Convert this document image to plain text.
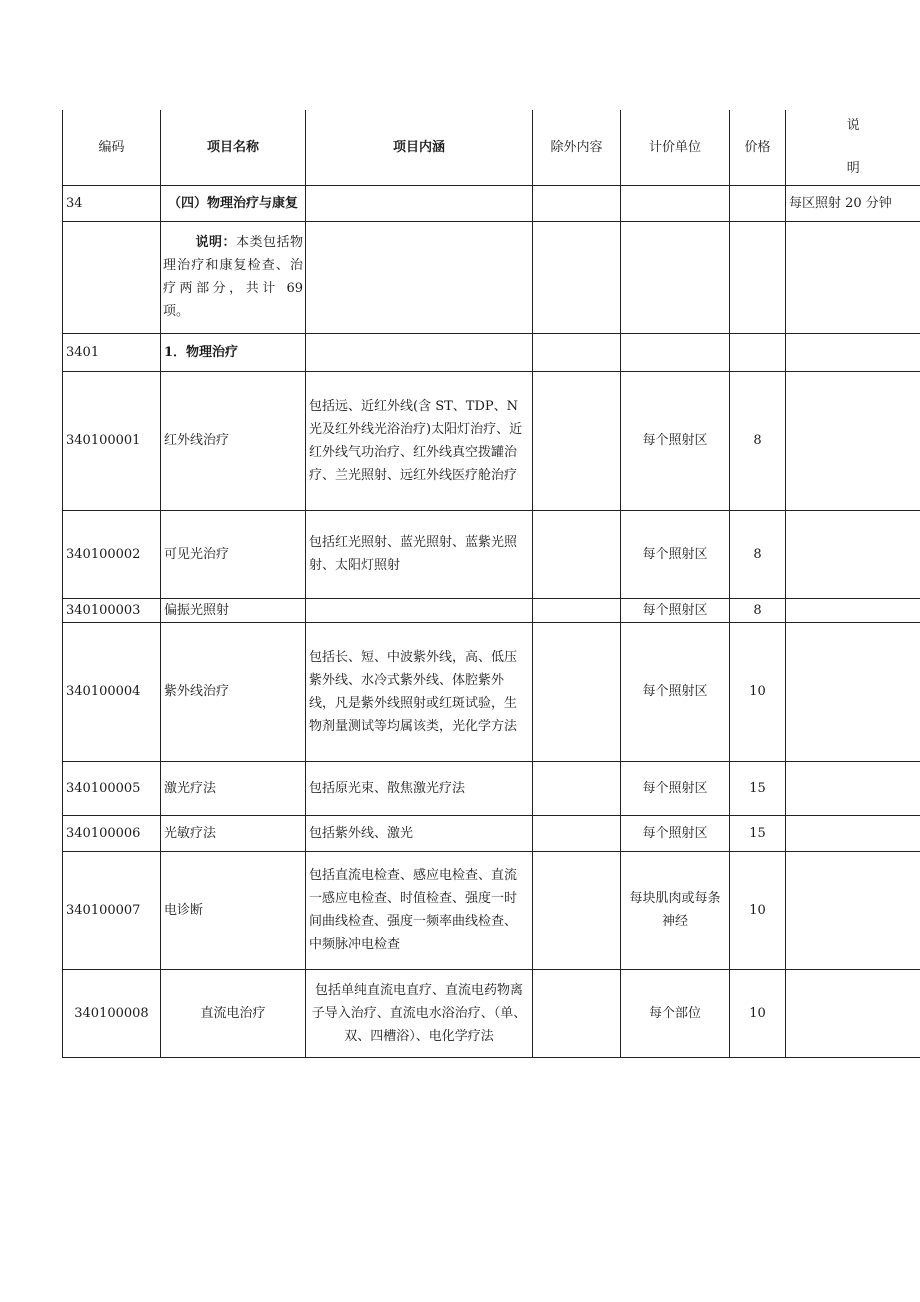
编码	项目名称	项目内涵	除外内容	计价单位	价格	说
明

34	（四）物理治疗与康复					每区照射 20 分钟
	说明：本类包括物理治疗和康复检查、治疗两部分，共计 69 项。					
3401	1．物理治疗					
340100001	红外线治疗	包括远、近红外线(含 ST、TDP、N 光及红外线光浴治疗)太阳灯治疗、近红外线气功治疗、红外线真空拨罐治疗、兰光照射、远红外线医疗舱治疗		每个照射区	8	
340100002	可见光治疗	包括红光照射、蓝光照射、蓝紫光照射、太阳灯照射		每个照射区	8	
340100003	偏振光照射			每个照射区	8	
340100004	紫外线治疗	包括长、短、中波紫外线，高、低压紫外线、水冷式紫外线、体腔紫外线，凡是紫外线照射或红斑试验，生物剂量测试等均属该类，光化学方法		每个照射区	10	
340100005	激光疗法	包括原光束、散焦激光疗法		每个照射区	15	
340100006	光敏疗法	包括紫外线、激光		每个照射区	15	
340100007	电诊断	包括直流电检查、感应电检查、直流一感应电检查、时值检查、强度一时间曲线检查、强度一频率曲线检查、中频脉冲电检查		每块肌肉或每条神经	10	
340100008	直流电治疗	包括单纯直流电直疗、直流电药物离子导入治疗、直流电水浴治疗、（单、双、四槽浴）、电化学疗法		每个部位	10	
